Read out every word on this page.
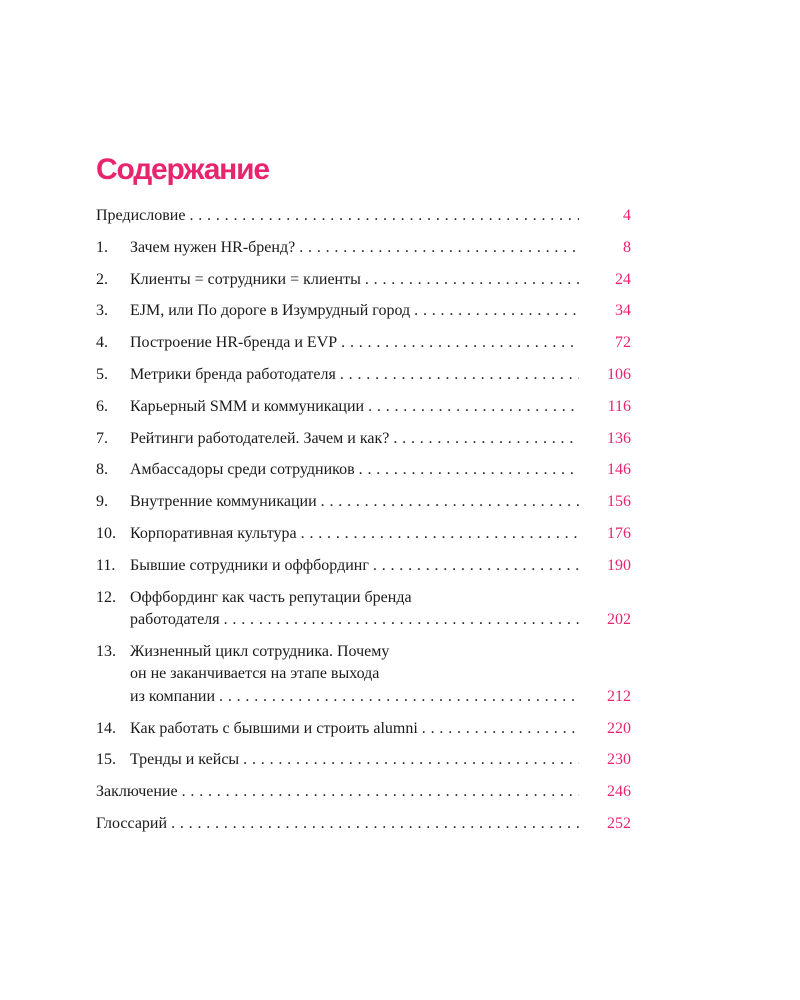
Содержание
Предисловие . . .	4
1.	Зачем нужен HR-бренд? . . .	8
2.	Клиенты = сотрудники = клиенты . . .	24
3.	EJM, или По дороге в Изумрудный город . . .	34
4.	Построение HR-бренда и EVP . . .	72
5.	Метрики бренда работодателя . . .	106
6.	Карьерный SMM и коммуникации . . .	116
7.	Рейтинги работодателей. Зачем и как? . . .	136
8.	Амбассадоры среди сотрудников . . .	146
9.	Внутренние коммуникации . . .	156
10. Корпоративная культура . . .	176
11. Бывшие сотрудники и оффбординг . . .	190
12. Оффбординг как часть репутации бренда
работодателя . . .	202
13. Жизненный цикл сотрудника. Почему
он не заканчивается на этапе выхода
из компании . . .	212
14. Как работать с бывшими и строить alumni . . .	220
15. Тренды и кейсы . . .	230
Заключение . . .	246
Глоссарий . . .	252
